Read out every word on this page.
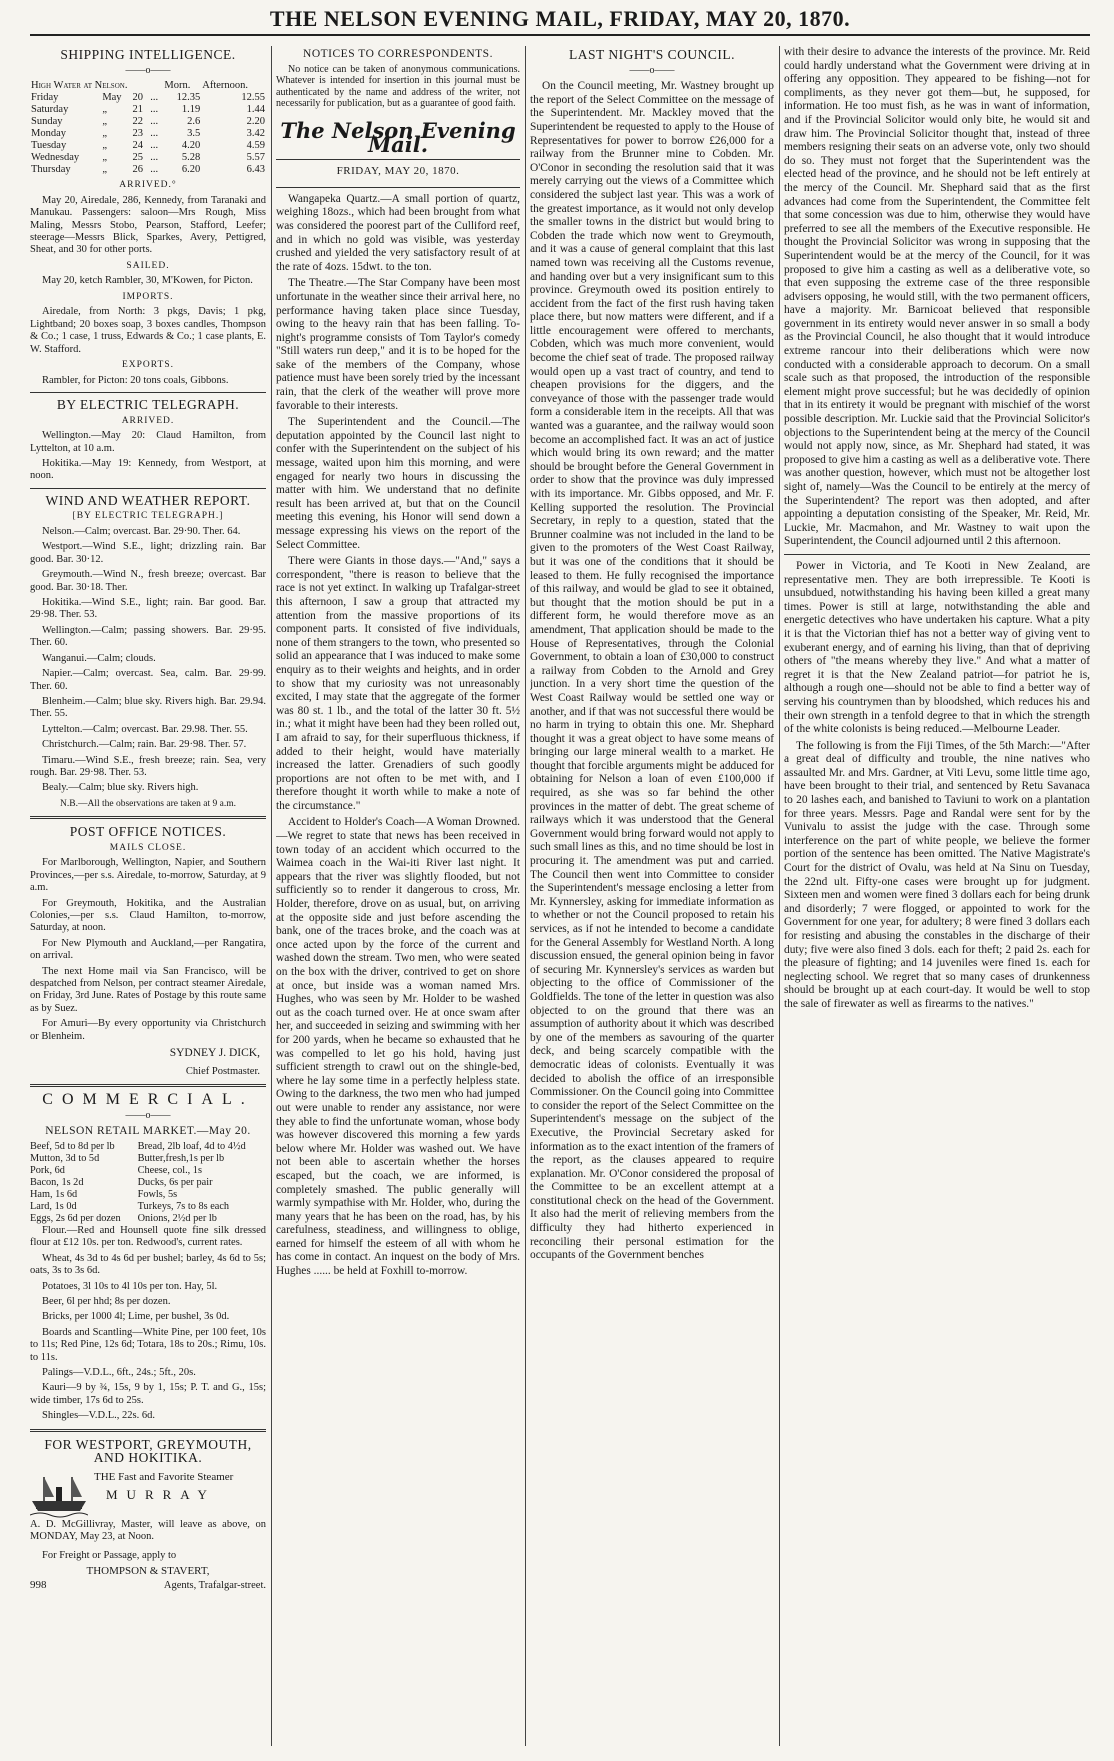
THE NELSON EVENING MAIL, FRIDAY, MAY 20, 1870.
SHIPPING INTELLIGENCE.
——o——
High Water at Nelson.				Morn.	Afternoon.
Friday	May	20	...	12.35	12.55
Saturday	„	21	...	1.19	1.44
Sunday	„	22	...	2.6	2.20
Monday	„	23	...	3.5	3.42
Tuesday	„	24	...	4.20	4.59
Wednesday	„	25	...	5.28	5.57
Thursday	„	26	...	6.20	6.43
ARRIVED.°

May 20, Airedale, 286, Kennedy, from Taranaki and Manukau. Passengers: saloon—Mrs Rough, Miss Maling, Messrs Stobo, Pearson, Stafford, Leefer; steerage—Messrs Blick, Sparkes, Avery, Pettigred, Sheat, and 30 for other ports.

SAILED.

May 20, ketch Rambler, 30, M'Kowen, for Picton.

IMPORTS.

Airedale, from North: 3 pkgs, Davis; 1 pkg, Lightband; 20 boxes soap, 3 boxes candles, Thompson & Co.; 1 case, 1 truss, Edwards & Co.; 1 case plants, E. W. Stafford.

EXPORTS.

Rambler, for Picton: 20 tons coals, Gibbons.

BY ELECTRIC TELEGRAPH.
ARRIVED.

Wellington.—May 20: Claud Hamilton, from Lyttelton, at 10 a.m.

Hokitika.—May 19: Kennedy, from Westport, at noon.

WIND AND WEATHER REPORT.
[BY ELECTRIC TELEGRAPH.]

Nelson.—Calm; overcast. Bar. 29·90. Ther. 64.

Westport.—Wind S.E., light; drizzling rain. Bar good. Bar. 30·12.

Greymouth.—Wind N., fresh breeze; overcast. Bar good. Bar. 30·18. Ther.

Hokitika.—Wind S.E., light; rain. Bar good. Bar. 29·98. Ther. 53.

Wellington.—Calm; passing showers. Bar. 29·95. Ther. 60.

Wanganui.—Calm; clouds.

Napier.—Calm; overcast. Sea, calm. Bar. 29·99. Ther. 60.

Blenheim.—Calm; blue sky. Rivers high. Bar. 29.94. Ther. 55.

Lyttelton.—Calm; overcast. Bar. 29.98. Ther. 55.

Christchurch.—Calm; rain. Bar. 29·98. Ther. 57.

Timaru.—Wind S.E., fresh breeze; rain. Sea, very rough. Bar. 29·98. Ther. 53.

Bealy.—Calm; blue sky. Rivers high.

N.B.—All the observations are taken at 9 a.m.

POST OFFICE NOTICES.
MAILS CLOSE.

For Marlborough, Wellington, Napier, and Southern Provinces,—per s.s. Airedale, to-morrow, Saturday, at 9 a.m.

For Greymouth, Hokitika, and the Australian Colonies,—per s.s. Claud Hamilton, to-morrow, Saturday, at noon.

For New Plymouth and Auckland,—per Rangatira, on arrival.

The next Home mail via San Francisco, will be despatched from Nelson, per contract steamer Airedale, on Friday, 3rd June. Rates of Postage by this route same as by Suez.

For Amuri—By every opportunity via Christchurch or Blenheim.

SYDNEY J. DICK,
Chief Postmaster.
COMMERCIAL.
——o——
NELSON RETAIL MARKET.—May 20.
Beef, 5d to 8d per lb	Bread, 2lb loaf, 4d to 4½d
Mutton, 3d to 5d	Butter,fresh,1s per lb
Pork, 6d	Cheese, col., 1s
Bacon, 1s 2d	Ducks, 6s per pair
Ham, 1s 6d	Fowls, 5s
Lard, 1s 0d	Turkeys, 7s to 8s each
Eggs, 2s 6d per dozen	Onions, 2½d per lb

Flour.—Red and Hounsell quote fine silk dressed flour at £12 10s. per ton. Redwood's, current rates.

Wheat, 4s 3d to 4s 6d per bushel; barley, 4s 6d to 5s; oats, 3s to 3s 6d.

Potatoes, 3l 10s to 4l 10s per ton. Hay, 5l.

Beer, 6l per hhd; 8s per dozen.

Bricks, per 1000 4l; Lime, per bushel, 3s 0d.

Boards and Scantling—White Pine, per 100 feet, 10s to 11s; Red Pine, 12s 6d; Totara, 18s to 20s.; Rimu, 10s. to 11s.

Palings—V.D.L., 6ft., 24s.; 5ft., 20s.

Kauri—9 by ¾, 15s, 9 by 1, 15s; P. T. and G., 15s; wide timber, 17s 6d to 25s.

Shingles—V.D.L., 22s. 6d.

FOR WESTPORT, GREYMOUTH, AND HOKITIKA.
THE Fast and Favorite Steamer
MURRAY

A. D. McGillivray, Master, will leave as above, on MONDAY, May 23, at Noon.

For Freight or Passage, apply to

THOMPSON & STAVERT,
998	Agents, Trafalgar-street.
NOTICES TO CORRESPONDENTS.

No notice can be taken of anonymous communications. Whatever is intended for insertion in this journal must be authenticated by the name and address of the writer, not necessarily for publication, but as a guarantee of good faith.

The Nelson Evening Mail.
FRIDAY, MAY 20, 1870.

Wangapeka Quartz.—A small portion of quartz, weighing 18ozs., which had been brought from what was considered the poorest part of the Culliford reef, and in which no gold was visible, was yesterday crushed and yielded the very satisfactory result of at the rate of 4ozs. 15dwt. to the ton.

The Theatre.—The Star Company have been most unfortunate in the weather since their arrival here, no performance having taken place since Tuesday, owing to the heavy rain that has been falling. To-night's programme consists of Tom Taylor's comedy "Still waters run deep," and it is to be hoped for the sake of the members of the Company, whose patience must have been sorely tried by the incessant rain, that the clerk of the weather will prove more favorable to their interests.

The Superintendent and the Council.—The deputation appointed by the Council last night to confer with the Superintendent on the subject of his message, waited upon him this morning, and were engaged for nearly two hours in discussing the matter with him. We understand that no definite result has been arrived at, but that on the Council meeting this evening, his Honor will send down a message expressing his views on the report of the Select Committee.

There were Giants in those days.—"And," says a correspondent, "there is reason to believe that the race is not yet extinct. In walking up Trafalgar-street this afternoon, I saw a group that attracted my attention from the massive proportions of its component parts. It consisted of five individuals, none of them strangers to the town, who presented so solid an appearance that I was induced to make some enquiry as to their weights and heights, and in order to show that my curiosity was not unreasonably excited, I may state that the aggregate of the former was 80 st. 1 lb., and the total of the latter 30 ft. 5½ in.; what it might have been had they been rolled out, I am afraid to say, for their superfluous thickness, if added to their height, would have materially increased the latter. Grenadiers of such goodly proportions are not often to be met with, and I therefore thought it worth while to make a note of the circumstance."

Accident to Holder's Coach—A Woman Drowned.—We regret to state that news has been received in town today of an accident which occurred to the Waimea coach in the Wai-iti River last night. It appears that the river was slightly flooded, but not sufficiently so to render it dangerous to cross, Mr. Holder, therefore, drove on as usual, but, on arriving at the opposite side and just before ascending the bank, one of the traces broke, and the coach was at once acted upon by the force of the current and washed down the stream. Two men, who were seated on the box with the driver, contrived to get on shore at once, but inside was a woman named Mrs. Hughes, who was seen by Mr. Holder to be washed out as the coach turned over. He at once swam after her, and succeeded in seizing and swimming with her for 200 yards, when he became so exhausted that he was compelled to let go his hold, having just sufficient strength to crawl out on the shingle-bed, where he lay some time in a perfectly helpless state. Owing to the darkness, the two men who had jumped out were unable to render any assistance, nor were they able to find the unfortunate woman, whose body was however discovered this morning a few yards below where Mr. Holder was washed out. We have not been able to ascertain whether the horses escaped, but the coach, we are informed, is completely smashed. The public generally will warmly sympathise with Mr. Holder, who, during the many years that he has been on the road, has, by his carefulness, steadiness, and willingness to oblige, earned for himself the esteem of all with whom he has come in contact. An inquest on the body of Mrs. Hughes ...... be held at Foxhill to-morrow.

LAST NIGHT'S COUNCIL.
——o——

On the Council meeting, Mr. Wastney brought up the report of the Select Committee on the message of the Superintendent. Mr. Mackley moved that the Superintendent be requested to apply to the House of Representatives for power to borrow £26,000 for a railway from the Brunner mine to Cobden. Mr. O'Conor in seconding the resolution said that it was merely carrying out the views of a Committee which considered the subject last year. This was a work of the greatest importance, as it would not only develop the smaller towns in the district but would bring to Cobden the trade which now went to Greymouth, and it was a cause of general complaint that this last named town was receiving all the Customs revenue, and handing over but a very insignificant sum to this province. Greymouth owed its position entirely to accident from the fact of the first rush having taken place there, but now matters were different, and if a little encouragement were offered to merchants, Cobden, which was much more convenient, would become the chief seat of trade. The proposed railway would open up a vast tract of country, and tend to cheapen provisions for the diggers, and the conveyance of those with the passenger trade would form a considerable item in the receipts. All that was wanted was a guarantee, and the railway would soon become an accomplished fact. It was an act of justice which would bring its own reward; and the matter should be brought before the General Government in order to show that the province was duly impressed with its importance. Mr. Gibbs opposed, and Mr. F. Kelling supported the resolution. The Provincial Secretary, in reply to a question, stated that the Brunner coalmine was not included in the land to be given to the promoters of the West Coast Railway, but it was one of the conditions that it should be leased to them. He fully recognised the importance of this railway, and would be glad to see it obtained, but thought that the motion should be put in a different form, he would therefore move as an amendment, That application should be made to the House of Representatives, through the Colonial Government, to obtain a loan of £30,000 to construct a railway from Cobden to the Arnold and Grey junction. In a very short time the question of the West Coast Railway would be settled one way or another, and if that was not successful there would be no harm in trying to obtain this one. Mr. Shephard thought it was a great object to have some means of bringing our large mineral wealth to a market. He thought that forcible arguments might be adduced for obtaining for Nelson a loan of even £100,000 if required, as she was so far behind the other provinces in the matter of debt. The great scheme of railways which it was understood that the General Government would bring forward would not apply to such small lines as this, and no time should be lost in procuring it. The amendment was put and carried. The Council then went into Committee to consider the Superintendent's message enclosing a letter from Mr. Kynnersley, asking for immediate information as to whether or not the Council proposed to retain his services, as if not he intended to become a candidate for the General Assembly for Westland North. A long discussion ensued, the general opinion being in favor of securing Mr. Kynnersley's services as warden but objecting to the office of Commissioner of the Goldfields. The tone of the letter in question was also objected to on the ground that there was an assumption of authority about it which was described by one of the members as savouring of the quarter deck, and being scarcely compatible with the democratic ideas of colonists. Eventually it was decided to abolish the office of an irresponsible Commissioner. On the Council going into Committee to consider the report of the Select Committee on the Superintendent's message on the subject of the Executive, the Provincial Secretary asked for information as to the exact intention of the framers of the report, as the clauses appeared to require explanation. Mr. O'Conor considered the proposal of the Committee to be an excellent attempt at a constitutional check on the head of the Government. It also had the merit of relieving members from the difficulty they had hitherto experienced in reconciling their personal estimation for the occupants of the Government benches

with their desire to advance the interests of the province. Mr. Reid could hardly understand what the Government were driving at in offering any opposition. They appeared to be fishing—not for compliments, as they never got them—but, he supposed, for information. He too must fish, as he was in want of information, and if the Provincial Solicitor would only bite, he would sit and draw him. The Provincial Solicitor thought that, instead of three members resigning their seats on an adverse vote, only two should do so. They must not forget that the Superintendent was the elected head of the province, and he should not be left entirely at the mercy of the Council. Mr. Shephard said that as the first advances had come from the Superintendent, the Committee felt that some concession was due to him, otherwise they would have preferred to see all the members of the Executive responsible. He thought the Provincial Solicitor was wrong in supposing that the Superintendent would be at the mercy of the Council, for it was proposed to give him a casting as well as a deliberative vote, so that even supposing the extreme case of the three responsible advisers opposing, he would still, with the two permanent officers, have a majority. Mr. Barnicoat believed that responsible government in its entirety would never answer in so small a body as the Provincial Council, he also thought that it would introduce extreme rancour into their deliberations which were now conducted with a considerable approach to decorum. On a small scale such as that proposed, the introduction of the responsible element might prove successful; but he was decidedly of opinion that in its entirety it would be pregnant with mischief of the worst possible description. Mr. Luckie said that the Provincial Solicitor's objections to the Superintendent being at the mercy of the Council would not apply now, since, as Mr. Shephard had stated, it was proposed to give him a casting as well as a deliberative vote. There was another question, however, which must not be altogether lost sight of, namely—Was the Council to be entirely at the mercy of the Superintendent? The report was then adopted, and after appointing a deputation consisting of the Speaker, Mr. Reid, Mr. Luckie, Mr. Macmahon, and Mr. Wastney to wait upon the Superintendent, the Council adjourned until 2 this afternoon.

Power in Victoria, and Te Kooti in New Zealand, are representative men. They are both irrepressible. Te Kooti is unsubdued, notwithstanding his having been killed a great many times. Power is still at large, notwithstanding the able and energetic detectives who have undertaken his capture. What a pity it is that the Victorian thief has not a better way of giving vent to exuberant energy, and of earning his living, than that of depriving others of "the means whereby they live." And what a matter of regret it is that the New Zealand patriot—for patriot he is, although a rough one—should not be able to find a better way of serving his countrymen than by bloodshed, which reduces his and their own strength in a tenfold degree to that in which the strength of the white colonists is being reduced.—Melbourne Leader.

The following is from the Fiji Times, of the 5th March:—"After a great deal of difficulty and trouble, the nine natives who assaulted Mr. and Mrs. Gardner, at Viti Levu, some little time ago, have been brought to their trial, and sentenced by Retu Savanaca to 20 lashes each, and banished to Taviuni to work on a plantation for three years. Messrs. Page and Randal were sent for by the Vunivalu to assist the judge with the case. Through some interference on the part of white people, we believe the former portion of the sentence has been omitted. The Native Magistrate's Court for the district of Ovalu, was held at Na Sinu on Tuesday, the 22nd ult. Fifty-one cases were brought up for judgment. Sixteen men and women were fined 3 dollars each for being drunk and disorderly; 7 were flogged, or appointed to work for the Government for one year, for adultery; 8 were fined 3 dollars each for resisting and abusing the constables in the discharge of their duty; five were also fined 3 dols. each for theft; 2 paid 2s. each for the pleasure of fighting; and 14 juveniles were fined 1s. each for neglecting school. We regret that so many cases of drunkenness should be brought up at each court-day. It would be well to stop the sale of firewater as well as firearms to the natives."
